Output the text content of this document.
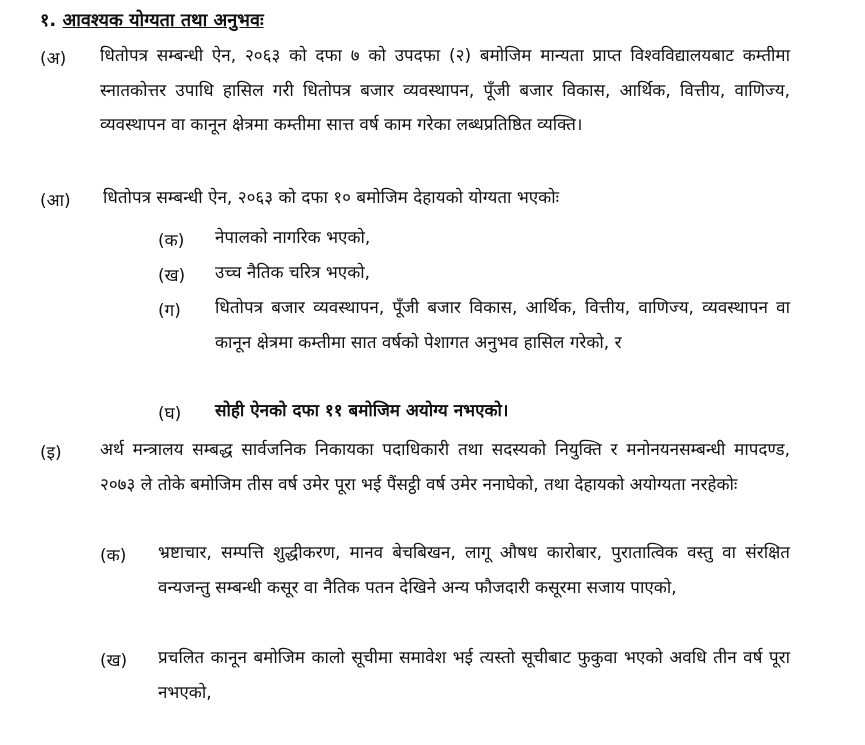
१. आवश्यक योग्यता तथा अनुभवः
(अ) धितोपत्र सम्बन्धी ऐन, २०६३ को दफा ७ को उपदफा (२) बमोजिम मान्यता प्राप्त विश्वविद्यालयबाट कम्तीमा स्नातकोत्तर उपाधि हासिल गरी धितोपत्र बजार व्यवस्थापन, पूँजी बजार विकास, आर्थिक, वित्तीय, वाणिज्य, व्यवस्थापन वा कानून क्षेत्रमा कम्तीमा सात्त वर्ष काम गरेका लब्धप्रतिष्ठित व्यक्ति।
(आ) धितोपत्र सम्बन्धी ऐन, २०६३ को दफा १० बमोजिम देहायको योग्यता भएकोः
(क) नेपालको नागरिक भएको,
(ख) उच्च नैतिक चरित्र भएको,
(ग) धितोपत्र बजार व्यवस्थापन, पूँजी बजार विकास, आर्थिक, वित्तीय, वाणिज्य, व्यवस्थापन वा कानून क्षेत्रमा कम्तीमा सात वर्षको पेशागत अनुभव हासिल गरेको, र
(घ) सोही ऐनको दफा ११ बमोजिम अयोग्य नभएको।
(इ) अर्थ मन्त्रालय सम्बद्ध सार्वजनिक निकायका पदाधिकारी तथा सदस्यको नियुक्ति र मनोनयनसम्बन्धी मापदण्ड, २०७३ ले तोके बमोजिम तीस वर्ष उमेर पूरा भई पैंसट्ठी वर्ष उमेर ननाघेको, तथा देहायको अयोग्यता नरहेकोः
(क) भ्रष्टाचार, सम्पत्ति शुद्धीकरण, मानव बेचबिखन, लागू औषध कारोबार, पुरातात्विक वस्तु वा संरक्षित वन्यजन्तु सम्बन्धी कसूर वा नैतिक पतन देखिने अन्य फौजदारी कसूरमा सजाय पाएको,
(ख) प्रचलित कानून बमोजिम कालो सूचीमा समावेश भई त्यस्तो सूचीबाट फुकुवा भएको अवधि तीन वर्ष पूरा नभएको,
